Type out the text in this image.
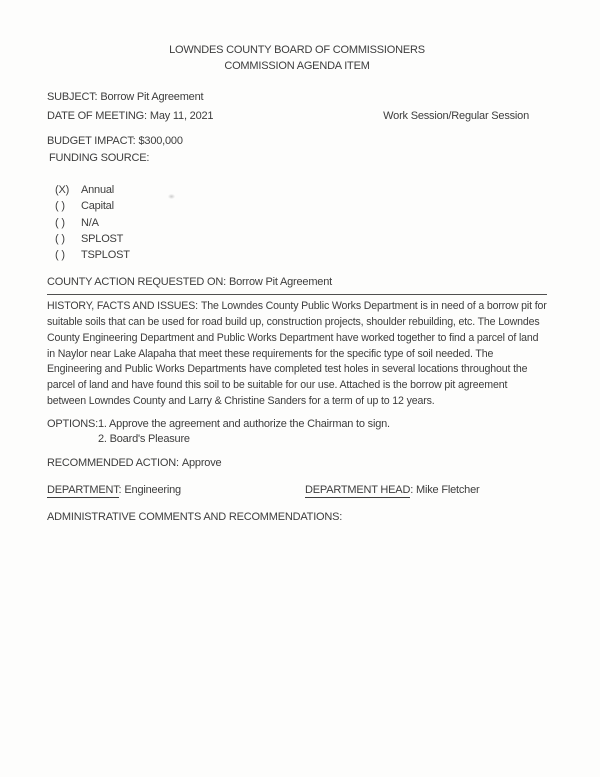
LOWNDES COUNTY BOARD OF COMMISSIONERS
COMMISSION AGENDA ITEM
SUBJECT: Borrow Pit Agreement
DATE OF MEETING: May 11, 2021	Work Session/Regular Session
BUDGET IMPACT: $300,000
FUNDING SOURCE:
(X)	Annual
( )	Capital
( )	N/A
( )	SPLOST
( )	TSPLOST
COUNTY ACTION REQUESTED ON: Borrow Pit Agreement

HISTORY, FACTS AND ISSUES: The Lowndes County Public Works Department is in need of a borrow pit for suitable soils that can be used for road build up, construction projects, shoulder rebuilding, etc. The Lowndes County Engineering Department and Public Works Department have worked together to find a parcel of land in Naylor near Lake Alapaha that meet these requirements for the specific type of soil needed. The Engineering and Public Works Departments have completed test holes in several locations throughout the parcel of land and have found this soil to be suitable for our use. Attached is the borrow pit agreement between Lowndes County and Larry & Christine Sanders for a term of up to 12 years.

OPTIONS: 1. Approve the agreement and authorize the Chairman to sign.
2. Board's Pleasure
RECOMMENDED ACTION: Approve
DEPARTMENT: Engineering	DEPARTMENT HEAD: Mike Fletcher
ADMINISTRATIVE COMMENTS AND RECOMMENDATIONS:
